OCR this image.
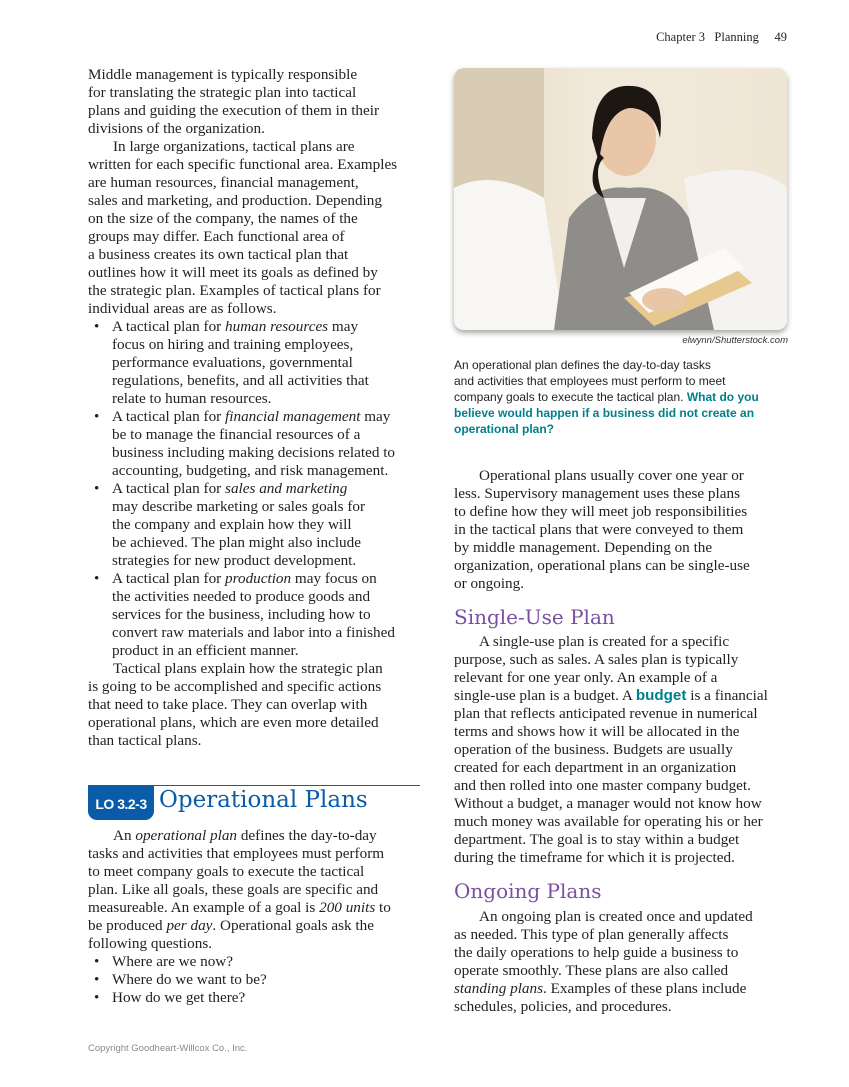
Chapter 3 Planning 49
Middle management is typically responsible
for translating the strategic plan into tactical
plans and guiding the execution of them in their
divisions of the organization.
In large organizations, tactical plans are
written for each specific functional area. Examples
are human resources, financial management,
sales and marketing, and production. Depending
on the size of the company, the names of the
groups may differ. Each functional area of
a business creates its own tactical plan that
outlines how it will meet its goals as defined by
the strategic plan. Examples of tactical plans for
individual areas are as follows.
• A tactical plan for human resources may
focus on hiring and training employees,
performance evaluations, governmental
regulations, benefits, and all activities that
relate to human resources.
• A tactical plan for financial management may
be to manage the financial resources of a
business including making decisions related to
accounting, budgeting, and risk management.
• A tactical plan for sales and marketing
may describe marketing or sales goals for
the company and explain how they will
be achieved. The plan might also include
strategies for new product development.
• A tactical plan for production may focus on
the activities needed to produce goods and
services for the business, including how to
convert raw materials and labor into a finished
product in an efficient manner.
Tactical plans explain how the strategic plan
is going to be accomplished and specific actions
that need to take place. They can overlap with
operational plans, which are even more detailed
than tactical plans.
LO 3.2-3 Operational Plans
An operational plan defines the day-to-day
tasks and activities that employees must perform
to meet company goals to execute the tactical
plan. Like all goals, these goals are specific and
measureable. An example of a goal is 200 units to
be produced per day. Operational goals ask the
following questions.
• Where are we now?
• Where do we want to be?
• How do we get there?
elwynn/Shutterstock.com
An operational plan defines the day-to-day tasks
and activities that employees must perform to meet
company goals to execute the tactical plan. What do you
believe would happen if a business did not create an
operational plan?
Operational plans usually cover one year or
less. Supervisory management uses these plans
to define how they will meet job responsibilities
in the tactical plans that were conveyed to them
by middle management. Depending on the
organization, operational plans can be single-use
or ongoing.
Single-Use Plan
A single-use plan is created for a specific
purpose, such as sales. A sales plan is typically
relevant for one year only. An example of a
single-use plan is a budget. A budget is a financial
plan that reflects anticipated revenue in numerical
terms and shows how it will be allocated in the
operation of the business. Budgets are usually
created for each department in an organization
and then rolled into one master company budget.
Without a budget, a manager would not know how
much money was available for operating his or her
department. The goal is to stay within a budget
during the timeframe for which it is projected.
Ongoing Plans
An ongoing plan is created once and updated
as needed. This type of plan generally affects
the daily operations to help guide a business to
operate smoothly. These plans are also called
standing plans. Examples of these plans include
schedules, policies, and procedures.
Copyright Goodheart-Willcox Co., Inc.
